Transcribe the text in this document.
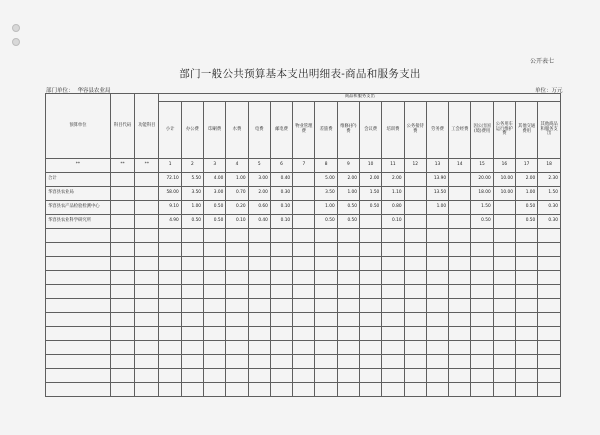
公开表七
部门一般公共预算基本支出明细表-商品和服务支出
部门单位： 华容县农业局	单位：万元
预算单位	科目代码	功能科目	商品和服务支出																	
			小计	办公费	印刷费	水费	电费	邮电费	物业管理费	差旅费	维修(护)费	会议费	培训费	公务接待费	劳务费	工会经费	因公出国(境)费用	公务用车运行维护费	其他交通费用	其他商品和服务支出
**	**	**	1	2	3	4	5	6	7	8	9	10	11	12	13	14	15	16	17	18
合计			72.10	5.50	4.00	1.00	3.00	0.40		5.00	2.00	2.00	2.00		13.90		20.00	10.00	2.00	2.30
华容县农业局			58.00	3.50	3.00	0.70	2.00	0.30		3.50	1.00	1.50	1.10		13.50		18.00	10.00	1.00	1.50
华容县农产品检验检测中心			9.10	1.00	0.50	0.20	0.60	0.10		1.00	0.50	0.50	0.80		1.00		1.50		0.50	0.30
华容县农业科学研究所			4.90	0.50	0.50	0.10	0.40	0.10		0.50	0.50		0.10				0.50		0.50	0.30
